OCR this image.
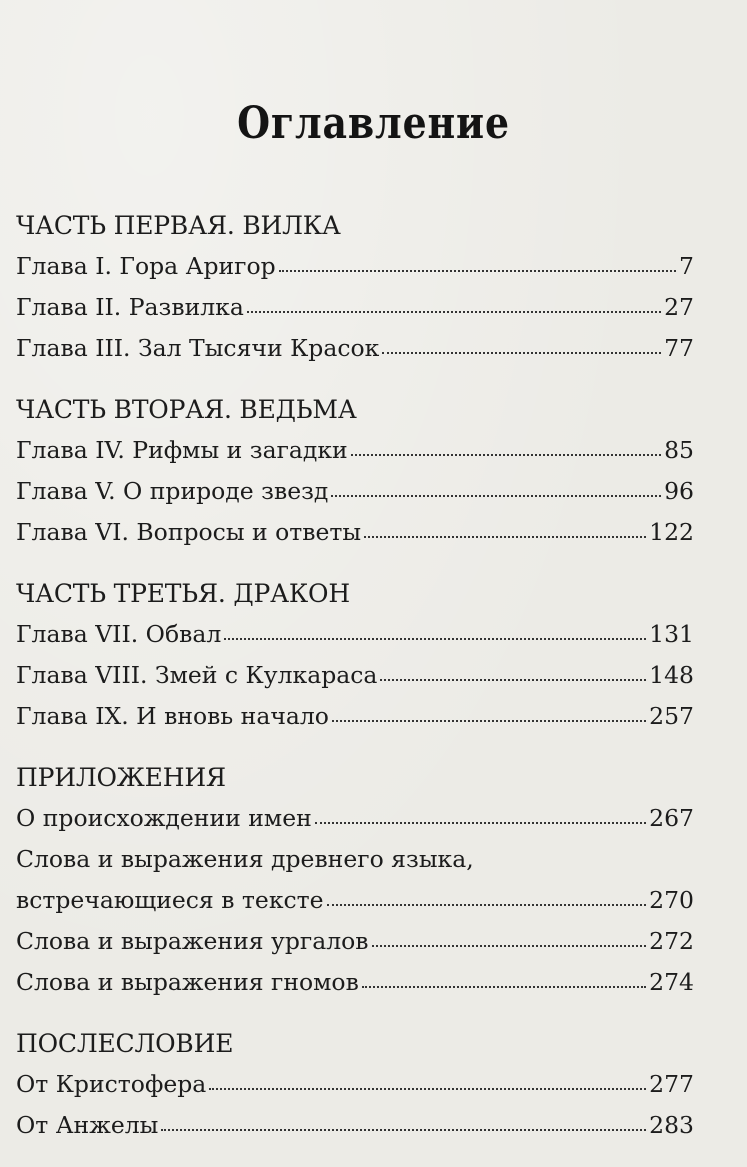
Оглавление
ЧАСТЬ ПЕРВАЯ. ВИЛКА
Глава I. Гора Аригор	7
Глава II. Развилка	27
Глава III. Зал Тысячи Красок	77
ЧАСТЬ ВТОРАЯ. ВЕДЬМА
Глава IV. Рифмы и загадки	85
Глава V. О природе звезд	96
Глава VI. Вопросы и ответы	122
ЧАСТЬ ТРЕТЬЯ. ДРАКОН
Глава VII. Обвал	131
Глава VIII. Змей с Кулкараса	148
Глава IX. И вновь начало	257
ПРИЛОЖЕНИЯ
О происхождении имен	267
Слова и выражения древнего языка,
встречающиеся в тексте	270
Слова и выражения ургалов	272
Слова и выражения гномов	274
ПОСЛЕСЛОВИЕ
От Кристофера	277
От Анжелы	283
